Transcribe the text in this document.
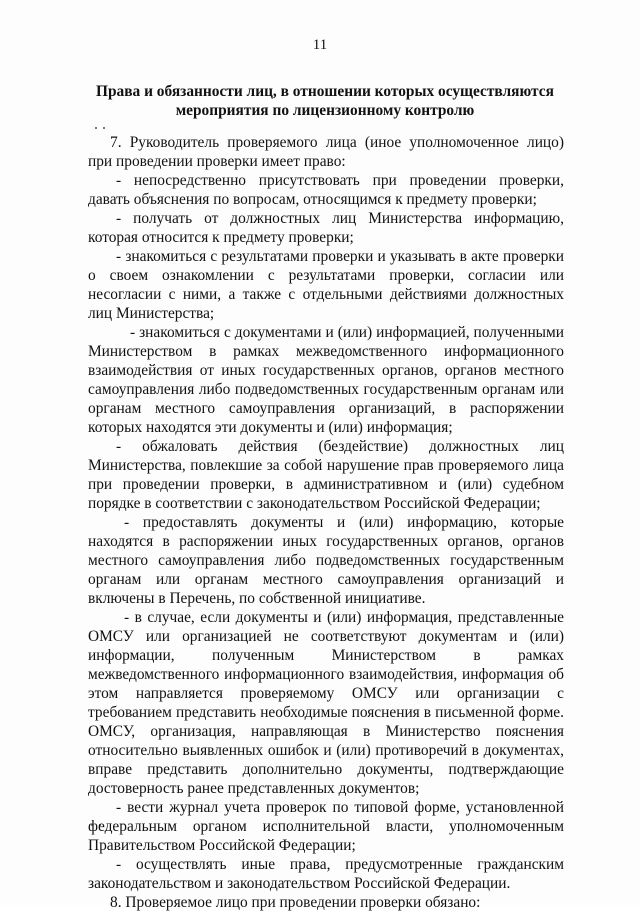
11
Права и обязанности лиц, в отношении которых осуществляются
мероприятия по лицензионному контролю

7. Руководитель проверяемого лица (иное уполномоченное лицо) при проведении проверки имеет право:

- непосредственно присутствовать при проведении проверки, давать объяснения по вопросам, относящимся к предмету проверки;

- получать от должностных лиц Министерства информацию, которая относится к предмету проверки;

- знакомиться с результатами проверки и указывать в акте проверки о своем ознакомлении с результатами проверки, согласии или несогласии с ними, а также с отдельными действиями должностных лиц Министерства;

- знакомиться с документами и (или) информацией, полученными Министерством в рамках межведомственного информационного взаимодействия от иных государственных органов, органов местного самоуправления либо подведомственных государственным органам или органам местного самоуправления организаций, в распоряжении которых находятся эти документы и (или) информация;

- обжаловать действия (бездействие) должностных лиц Министерства, повлекшие за собой нарушение прав проверяемого лица при проведении проверки, в административном и (или) судебном порядке в соответствии с законодательством Российской Федерации;

- предоставлять документы и (или) информацию, которые находятся в распоряжении иных государственных органов, органов местного самоуправления либо подведомственных государственным органам или органам местного самоуправления организаций и включены в Перечень, по собственной инициативе.

- в случае, если документы и (или) информация, представленные ОМСУ или организацией не соответствуют документам и (или) информации, полученным Министерством в рамках межведомственного информационного взаимодействия, информация об этом направляется проверяемому ОМСУ или организации с требованием представить необходимые пояснения в письменной форме. ОМСУ, организация, направляющая в Министерство пояснения относительно выявленных ошибок и (или) противоречий в документах, вправе представить дополнительно документы, подтверждающие достоверность ранее представленных документов;

- вести журнал учета проверок по типовой форме, установленной федеральным органом исполнительной власти, уполномоченным Правительством Российской Федерации;

- осуществлять иные права, предусмотренные гражданским законодательством и законодательством Российской Федерации.

8. Проверяемое лицо при проведении проверки обязано:
